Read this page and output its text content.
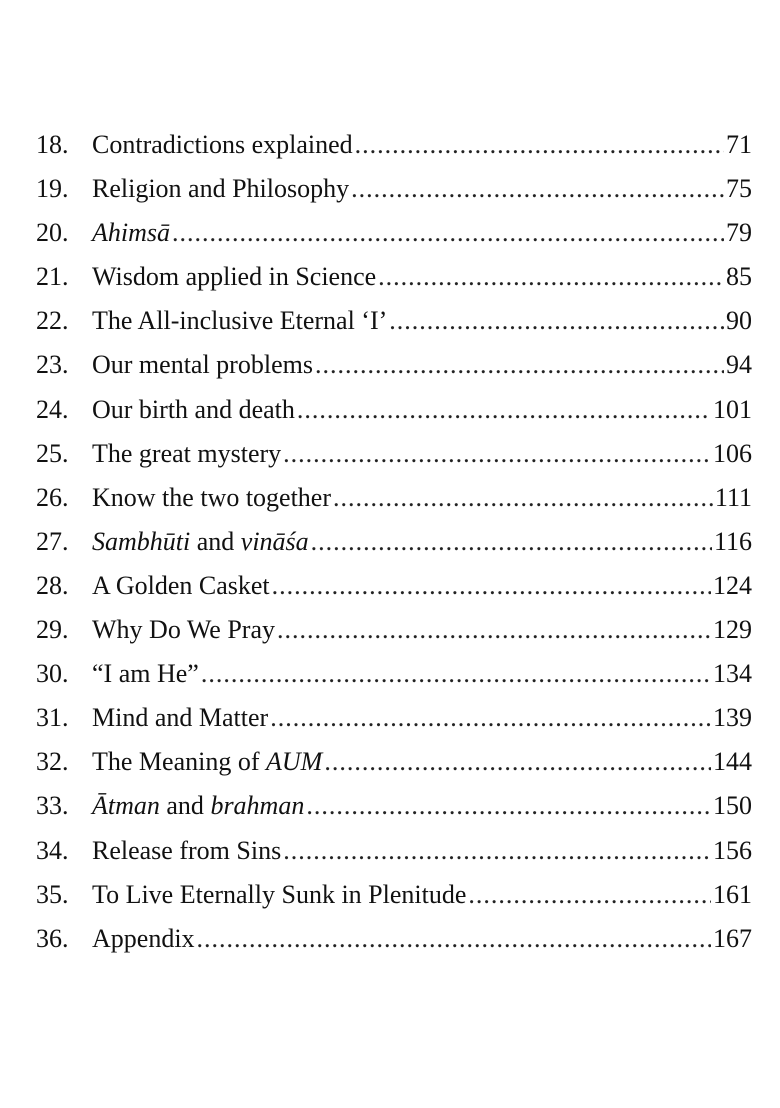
18. Contradictions explained .....	71
19. Religion and Philosophy .....	75
20. Ahimsā .....	79
21. Wisdom applied in Science .....	85
22. The All-inclusive Eternal ‘I’ .....	90
23. Our mental problems .....	94
24. Our birth and death .....	101
25. The great mystery .....	106
26. Know the two together .....	111
27. Sambhūti and vināśa .....	116
28. A Golden Casket .....	124
29. Why Do We Pray .....	129
30. “I am He” .....	134
31. Mind and Matter .....	139
32. The Meaning of AUM .....	144
33. Ātman and brahman .....	150
34. Release from Sins .....	156
35. To Live Eternally Sunk in Plenitude .....	161
36. Appendix .....	167
